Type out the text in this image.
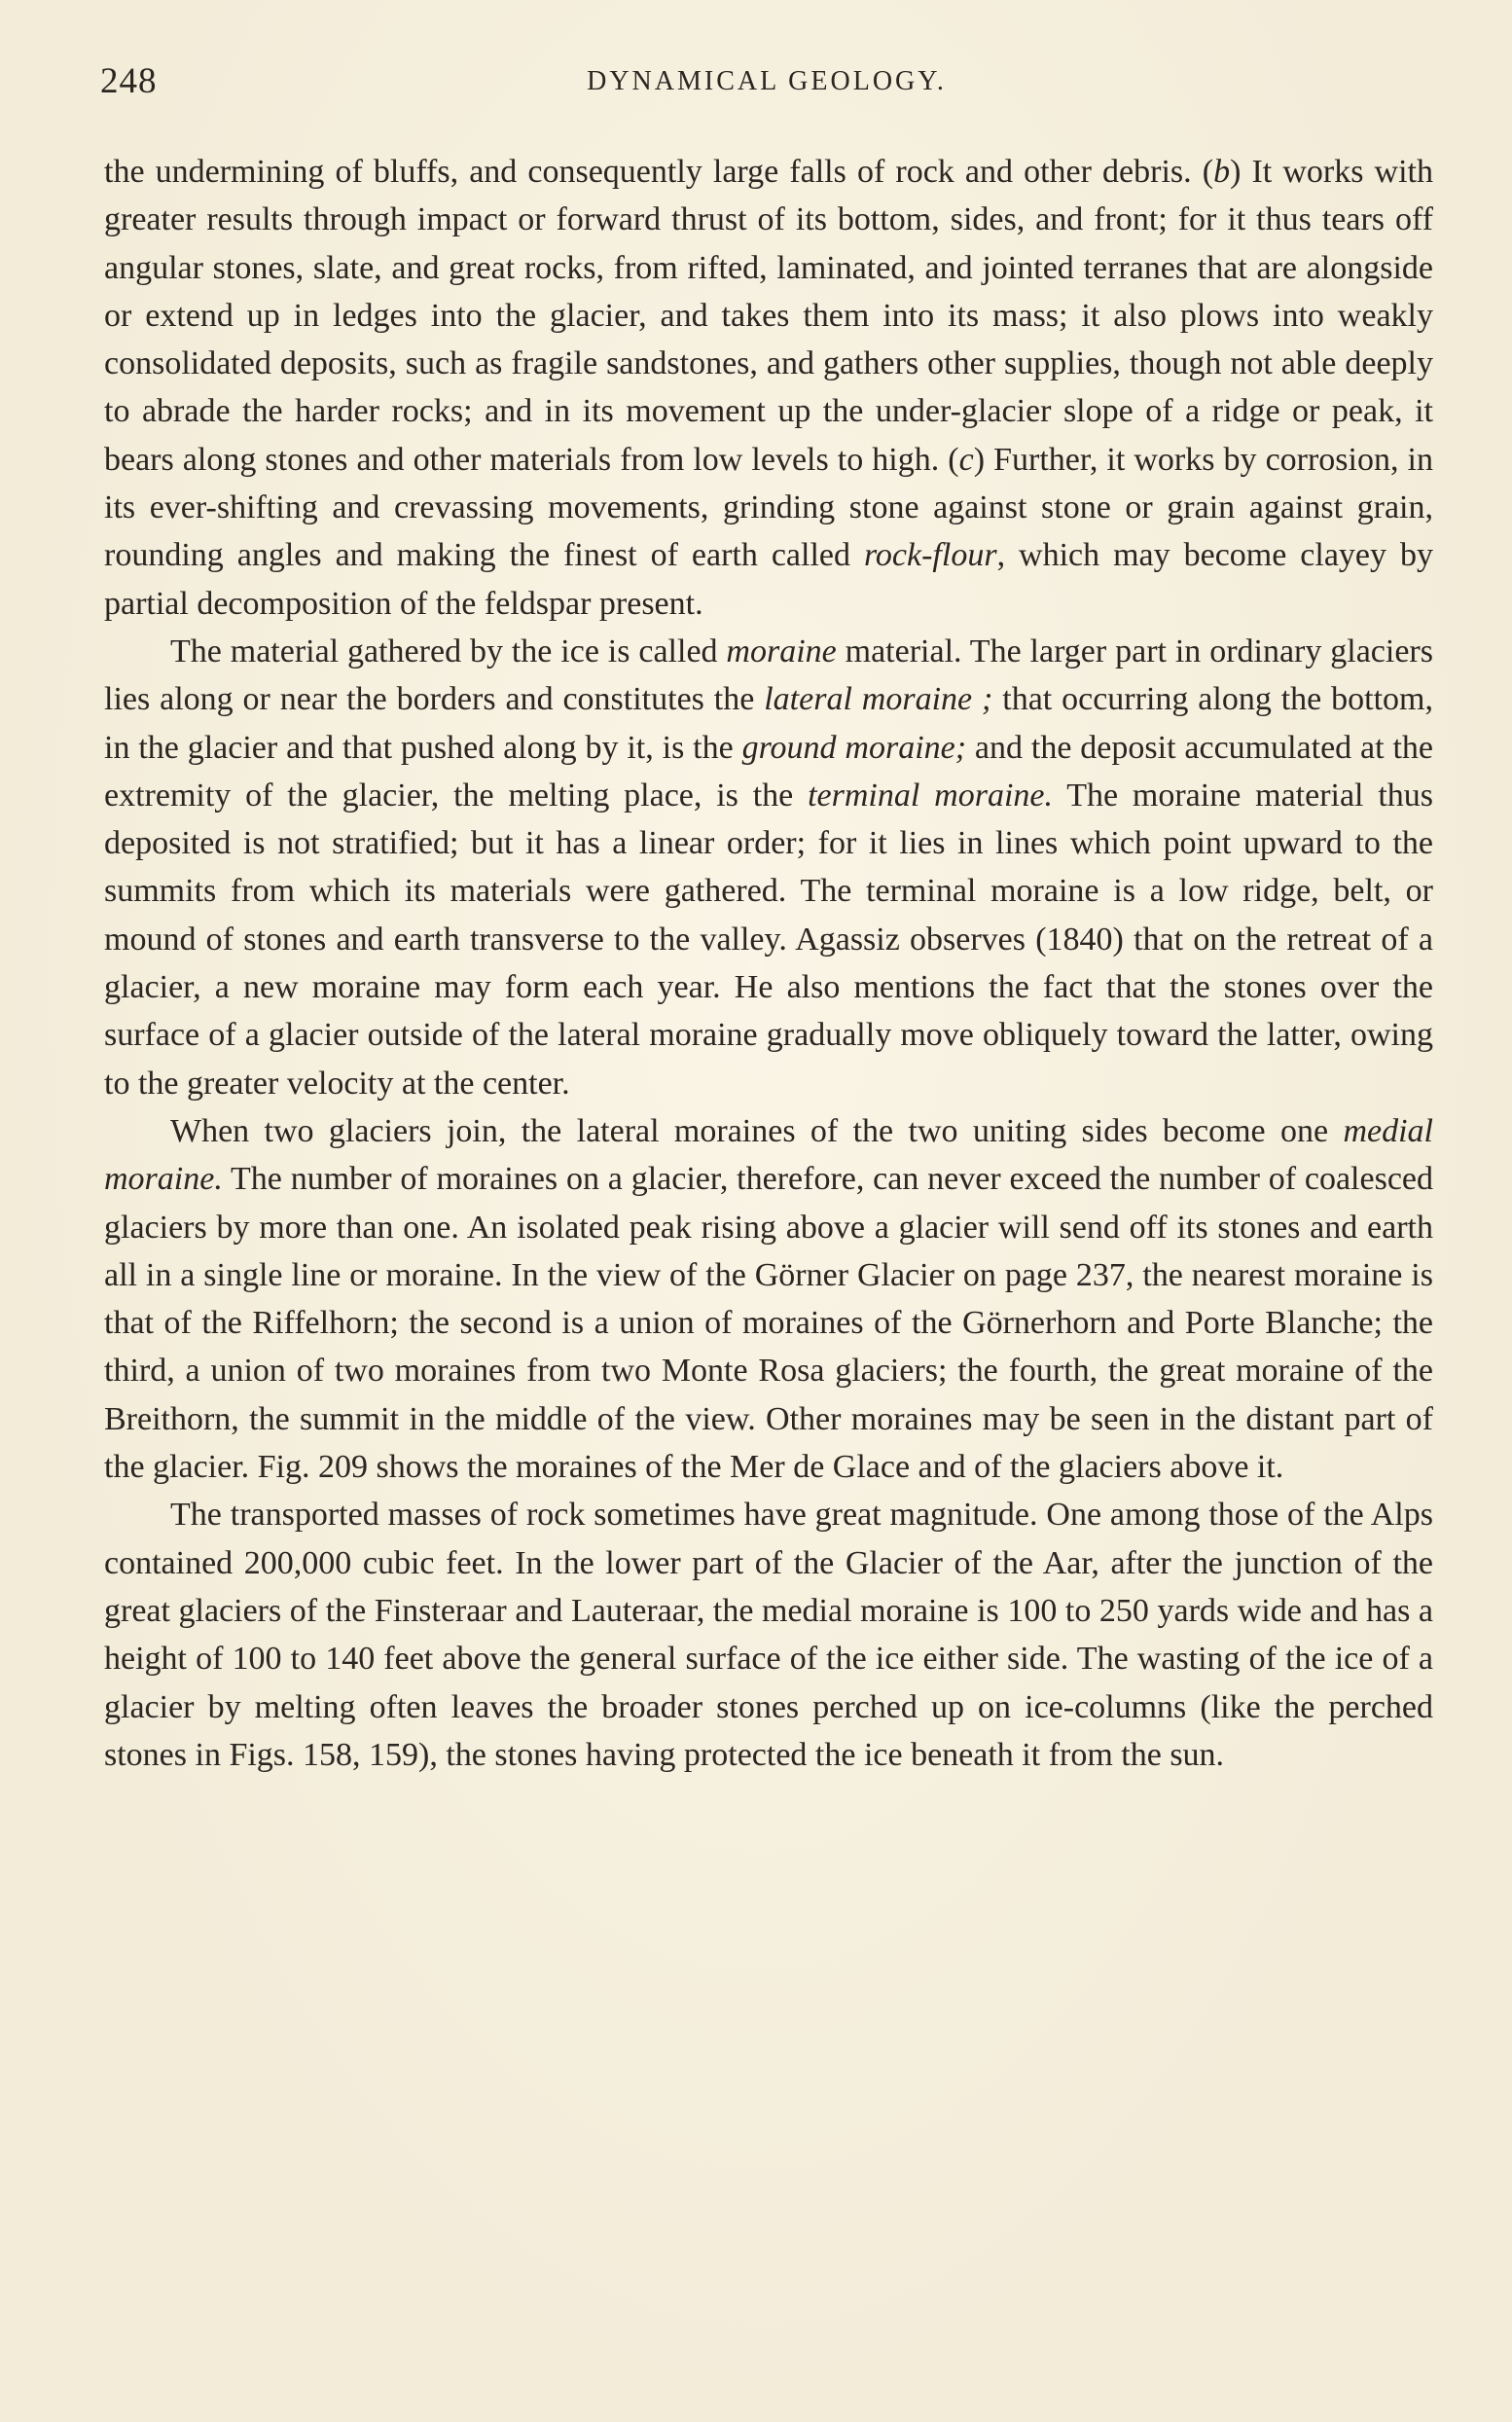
248	DYNAMICAL GEOLOGY.

the undermining of bluffs, and consequently large falls of rock and other debris. (b) It works with greater results through impact or forward thrust of its bottom, sides, and front; for it thus tears off angular stones, slate, and great rocks, from rifted, laminated, and jointed terranes that are alongside or extend up in ledges into the glacier, and takes them into its mass; it also plows into weakly consolidated deposits, such as fragile sandstones, and gathers other supplies, though not able deeply to abrade the harder rocks; and in its movement up the under-glacier slope of a ridge or peak, it bears along stones and other materials from low levels to high. (c) Further, it works by corrosion, in its ever-shifting and crevassing movements, grinding stone against stone or grain against grain, rounding angles and making the finest of earth called rock-flour, which may become clayey by partial decomposition of the feldspar present.

The material gathered by the ice is called moraine material. The larger part in ordinary glaciers lies along or near the borders and constitutes the lateral moraine ; that occurring along the bottom, in the glacier and that pushed along by it, is the ground moraine; and the deposit accumulated at the extremity of the glacier, the melting place, is the terminal moraine. The moraine material thus deposited is not stratified; but it has a linear order; for it lies in lines which point upward to the summits from which its materials were gathered. The terminal moraine is a low ridge, belt, or mound of stones and earth transverse to the valley. Agassiz observes (1840) that on the retreat of a glacier, a new moraine may form each year. He also mentions the fact that the stones over the surface of a glacier outside of the lateral moraine gradually move obliquely toward the latter, owing to the greater velocity at the center.

When two glaciers join, the lateral moraines of the two uniting sides become one medial moraine. The number of moraines on a glacier, therefore, can never exceed the number of coalesced glaciers by more than one. An isolated peak rising above a glacier will send off its stones and earth all in a single line or moraine. In the view of the Görner Glacier on page 237, the nearest moraine is that of the Riffelhorn; the second is a union of moraines of the Görnerhorn and Porte Blanche; the third, a union of two moraines from two Monte Rosa glaciers; the fourth, the great moraine of the Breithorn, the summit in the middle of the view. Other moraines may be seen in the distant part of the glacier. Fig. 209 shows the moraines of the Mer de Glace and of the glaciers above it.

The transported masses of rock sometimes have great magnitude. One among those of the Alps contained 200,000 cubic feet. In the lower part of the Glacier of the Aar, after the junction of the great glaciers of the Finsteraar and Lauteraar, the medial moraine is 100 to 250 yards wide and has a height of 100 to 140 feet above the general surface of the ice either side. The wasting of the ice of a glacier by melting often leaves the broader stones perched up on ice-columns (like the perched stones in Figs. 158, 159), the stones having protected the ice beneath it from the sun.
